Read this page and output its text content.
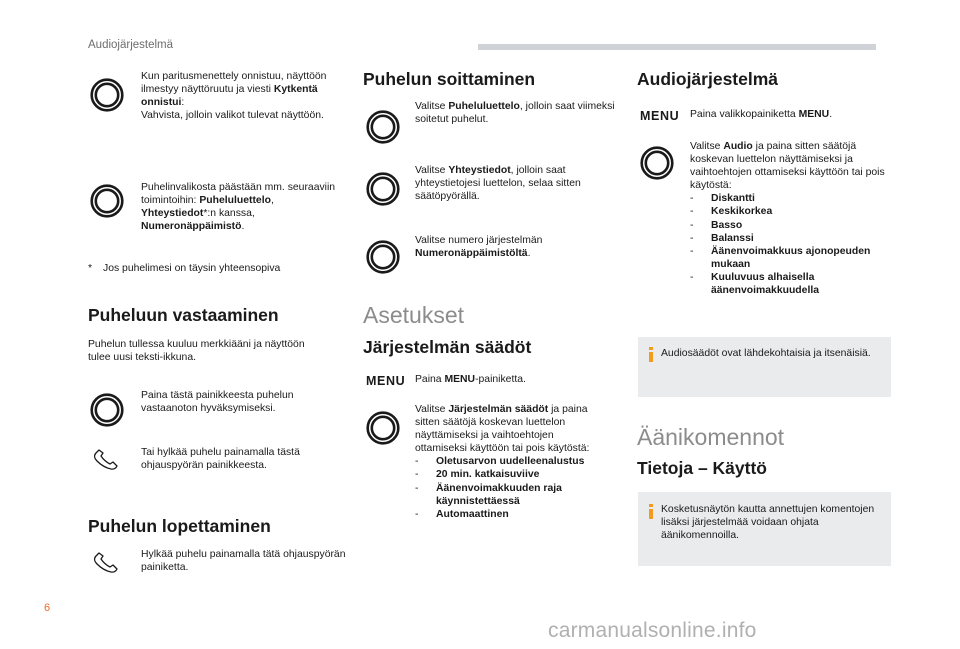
Audiojärjestelmä
6
carmanualsonline.info
Kun paritusmenettely onnistuu, näyttöön ilmestyy näyttöruutu ja viesti Kytkentä onnistui:
Vahvista, jolloin valikot tulevat näyttöön.
Puhelinvalikosta päästään mm. seuraaviin toimintoihin: Puheluluettelo,
Yhteystiedot*:n kanssa,
Numeronäppäimistö.
* Jos puhelimesi on täysin yhteensopiva
Puheluun vastaaminen
Puhelun tullessa kuuluu merkkiääni ja näyttöön tulee uusi teksti-ikkuna.
Paina tästä painikkeesta puhelun vastaanoton hyväksymiseksi.
Tai hylkää puhelu painamalla tästä ohjauspyörän painikkeesta.
Puhelun lopettaminen
Hylkää puhelu painamalla tätä ohjauspyörän painiketta.
Puhelun soittaminen
Valitse Puheluluettelo, jolloin saat viimeksi soitetut puhelut.
Valitse Yhteystiedot, jolloin saat yhteystietojesi luettelon, selaa sitten säätöpyörällä.
Valitse numero järjestelmän Numeronäppäimistöltä.
Asetukset
Järjestelmän säädöt
MENU Paina MENU-painiketta.
Valitse Järjestelmän säädöt ja paina sitten säätöjä koskevan luettelon näyttämiseksi ja vaihtoehtojen ottamiseksi käyttöön tai pois käytöstä:
- Oletusarvon uudelleenalustus
- 20 min. katkaisuviive
- Äänenvoimakkuuden raja käynnistettäessä
- Automaattinen
Audiojärjestelmä
MENU Paina valikkopainiketta MENU.
Valitse Audio ja paina sitten säätöjä koskevan luettelon näyttämiseksi ja vaihtoehtojen ottamiseksi käyttöön tai pois käytöstä:
- Diskantti
- Keskikorkea
- Basso
- Balanssi
- Äänenvoimakkuus ajonopeuden mukaan
- Kuuluvuus alhaisella äänenvoimakkuudella
Audiosäädöt ovat lähdekohtaisia ja itsenäisiä.
Äänikomennot
Tietoja – Käyttö
Kosketusnäytön kautta annettujen komentojen lisäksi järjestelmää voidaan ohjata äänikomennoilla.
